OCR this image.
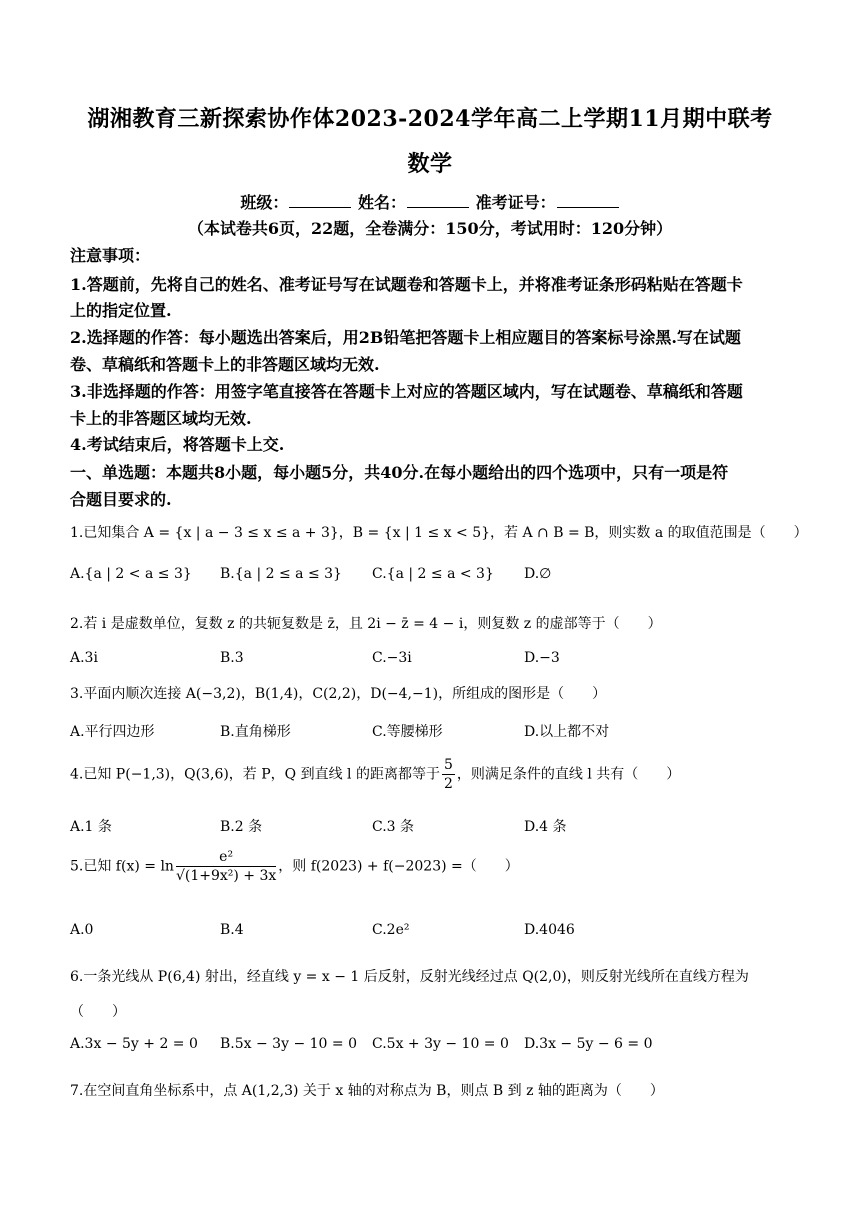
湖湘教育三新探索协作体2023-2024学年高二上学期11月期中联考
数学
班级：	姓名：	准考证号：
（本试卷共6页，22题，全卷满分：150分，考试用时：120分钟）
注意事项：
1.答题前，先将自己的姓名、准考证号写在试题卷和答题卡上，并将准考证条形码粘贴在答题卡
上的指定位置.
2.选择题的作答：每小题选出答案后，用2B铅笔把答题卡上相应题目的答案标号涂黑.写在试题
卷、草稿纸和答题卡上的非答题区域均无效.
3.非选择题的作答：用签字笔直接答在答题卡上对应的答题区域内，写在试题卷、草稿纸和答题
卡上的非答题区域均无效.
4.考试结束后，将答题卡上交.
一、单选题：本题共8小题，每小题5分，共40分.在每小题给出的四个选项中，只有一项是符
合题目要求的.
1.已知集合 A = {x | a − 3 ≤ x ≤ a + 3}，B = {x | 1 ≤ x < 5}，若 A ∩ B = B，则实数 a 的取值范围是（　　）
A.{a | 2 < a ≤ 3} B.{a | 2 ≤ a ≤ 3} C.{a | 2 ≤ a < 3} D.∅
2.若 i 是虚数单位，复数 z 的共轭复数是 z̄，且 2i − z̄ = 4 − i，则复数 z 的虚部等于（　　）
A.3i	B.3	C.−3i	D.−3
3.平面内顺次连接 A(−3,2)，B(1,4)，C(2,2)，D(−4,−1)，所组成的图形是（　　）
A.平行四边形	B.直角梯形	C.等腰梯形	D.以上都不对
4.已知 P(−1,3)，Q(3,6)，若 P，Q 到直线 l 的距离都等于 $\frac{5}{2}$ ，则满足条件的直线 l 共有（　　）
A.1 条	B.2 条	C.3 条	D.4 条
5.已知 $f(x) = \ln \frac{\text{e²}}{\text{√(1+9x²) + 3x}}$ ，则 f(2023) + f(−2023) =（　　）
A.0	B.4	C.2e²	D.4046
6.一条光线从 P(6,4) 射出，经直线 y = x − 1 后反射，反射光线经过点 Q(2,0)，则反射光线所在直线方程为
（　　）
A.3x − 5y + 2 = 0 B.5x − 3y − 10 = 0 C.5x + 3y − 10 = 0 D.3x − 5y − 6 = 0
7.在空间直角坐标系中，点 A(1,2,3) 关于 x 轴的对称点为 B，则点 B 到 z 轴的距离为（　　）
